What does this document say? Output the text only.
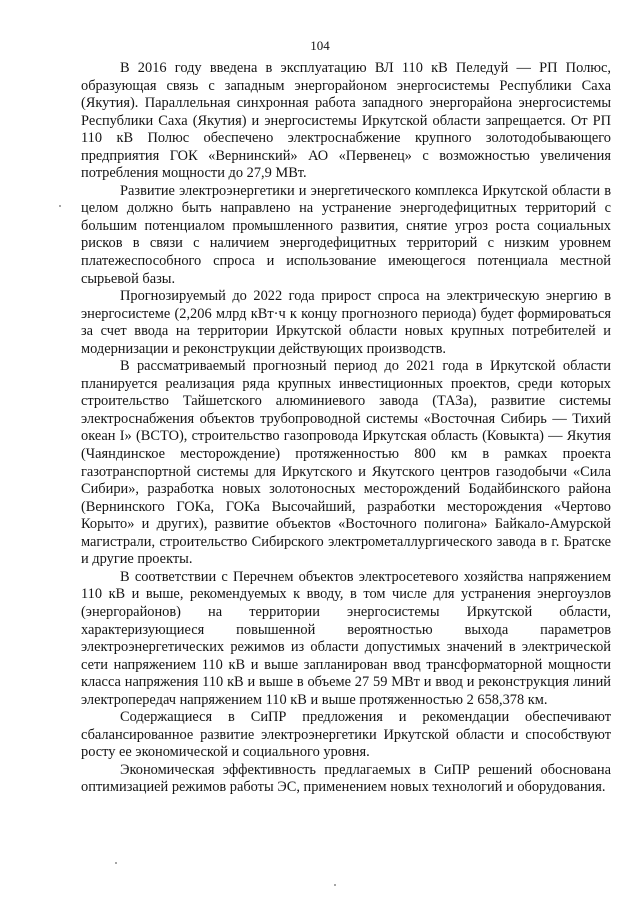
104

В 2016 году введена в эксплуатацию ВЛ 110 кВ Пеледуй — РП Полюс, образующая связь с западным энергорайоном энергосистемы Республики Саха (Якутия). Параллельная синхронная работа западного энергорайона энергосистемы Республики Саха (Якутия) и энергосистемы Иркутской области запрещается. От РП 110 кВ Полюс обеспечено электроснабжение крупного золотодобывающего предприятия ГОК «Вернинский» АО «Первенец» с возможностью увеличения потребления мощности до 27,9 МВт.

Развитие электроэнергетики и энергетического комплекса Иркутской области в целом должно быть направлено на устранение энергодефицитных территорий с большим потенциалом промышленного развития, снятие угроз роста социальных рисков в связи с наличием энергодефицитных территорий с низким уровнем платежеспособного спроса и использование имеющегося потенциала местной сырьевой базы.

Прогнозируемый до 2022 года прирост спроса на электрическую энергию в энергосистеме (2,206 млрд кВт·ч к концу прогнозного периода) будет формироваться за счет ввода на территории Иркутской области новых крупных потребителей и модернизации и реконструкции действующих производств.

В рассматриваемый прогнозный период до 2021 года в Иркутской области планируется реализация ряда крупных инвестиционных проектов, среди которых строительство Тайшетского алюминиевого завода (ТАЗа), развитие системы электроснабжения объектов трубопроводной системы «Восточная Сибирь — Тихий океан I» (ВСТО), строительство газопровода Иркутская область (Ковыкта) — Якутия (Чаяндинское месторождение) протяженностью 800 км в рамках проекта газотранспортной системы для Иркутского и Якутского центров газодобычи «Сила Сибири», разработка новых золотоносных месторождений Бодайбинского района (Вернинского ГОКа, ГОКа Высочайший, разработки месторождения «Чертово Корыто» и других), развитие объектов «Восточного полигона» Байкало-Амурской магистрали, строительство Сибирского электрометаллургического завода в г. Братске и другие проекты.

В соответствии с Перечнем объектов электросетевого хозяйства напряжением 110 кВ и выше, рекомендуемых к вводу, в том числе для устранения энергоузлов (энергорайонов) на территории энергосистемы Иркутской области, характеризующиеся повышенной вероятностью выхода параметров электроэнергетических режимов из области допустимых значений в электрической сети напряжением 110 кВ и выше запланирован ввод трансформаторной мощности класса напряжения 110 кВ и выше в объеме 27 59 МВт и ввод и реконструкция линий электропередач напряжением 110 кВ и выше протяженностью 2 658,378 км.

Содержащиеся в СиПР предложения и рекомендации обеспечивают сбалансированное развитие электроэнергетики Иркутской области и способствуют росту ее экономической и социального уровня.

Экономическая эффективность предлагаемых в СиПР решений обоснована оптимизацией режимов работы ЭС, применением новых технологий и оборудования.
